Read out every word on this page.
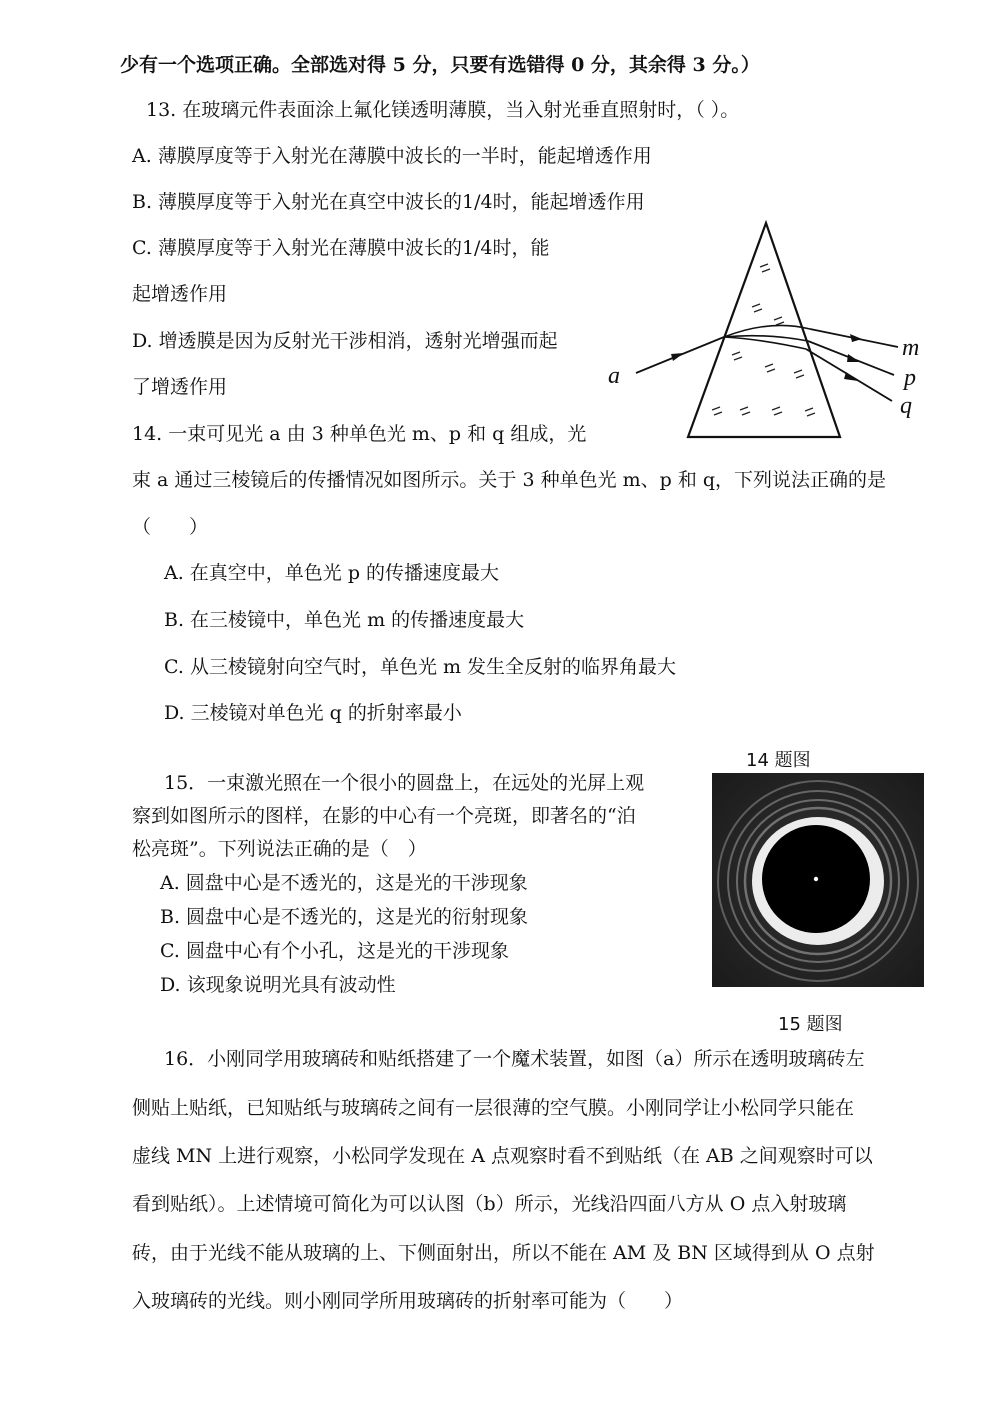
少有一个选项正确。全部选对得 5 分，只要有选错得 0 分，其余得 3 分。）
13. 在玻璃元件表面涂上氟化镁透明薄膜，当入射光垂直照射时，（ ）。
A. 薄膜厚度等于入射光在薄膜中波长的一半时，能起增透作用
B. 薄膜厚度等于入射光在真空中波长的1/4时，能起增透作用
C. 薄膜厚度等于入射光在薄膜中波长的1/4时，能
起增透作用
D. 增透膜是因为反射光干涉相消，透射光增强而起
了增透作用
14. 一束可见光 a 由 3 种单色光 m、p 和 q 组成，光
束 a 通过三棱镜后的传播情况如图所示。关于 3 种单色光 m、p 和 q，下列说法正确的是
（　　）
A. 在真空中，单色光 p 的传播速度最大
B. 在三棱镜中，单色光 m 的传播速度最大
C. 从三棱镜射向空气时，单色光 m 发生全反射的临界角最大
D. 三棱镜对单色光 q 的折射率最小
a
m
p
q
14 题图
15．一束激光照在一个很小的圆盘上，在远处的光屏上观
察到如图所示的图样，在影的中心有一个亮斑，即著名的“泊
松亮斑”。下列说法正确的是（　）
A. 圆盘中心是不透光的，这是光的干涉现象
B. 圆盘中心是不透光的，这是光的衍射现象
C. 圆盘中心有个小孔，这是光的干涉现象
D. 该现象说明光具有波动性
15 题图
16．小刚同学用玻璃砖和贴纸搭建了一个魔术装置，如图（a）所示在透明玻璃砖左
侧贴上贴纸，已知贴纸与玻璃砖之间有一层很薄的空气膜。小刚同学让小松同学只能在
虚线 MN 上进行观察，小松同学发现在 A 点观察时看不到贴纸（在 AB 之间观察时可以
看到贴纸）。上述情境可简化为可以认图（b）所示，光线沿四面八方从 O 点入射玻璃
砖，由于光线不能从玻璃的上、下侧面射出，所以不能在 AM 及 BN 区域得到从 O 点射
入玻璃砖的光线。则小刚同学所用玻璃砖的折射率可能为（　　）
